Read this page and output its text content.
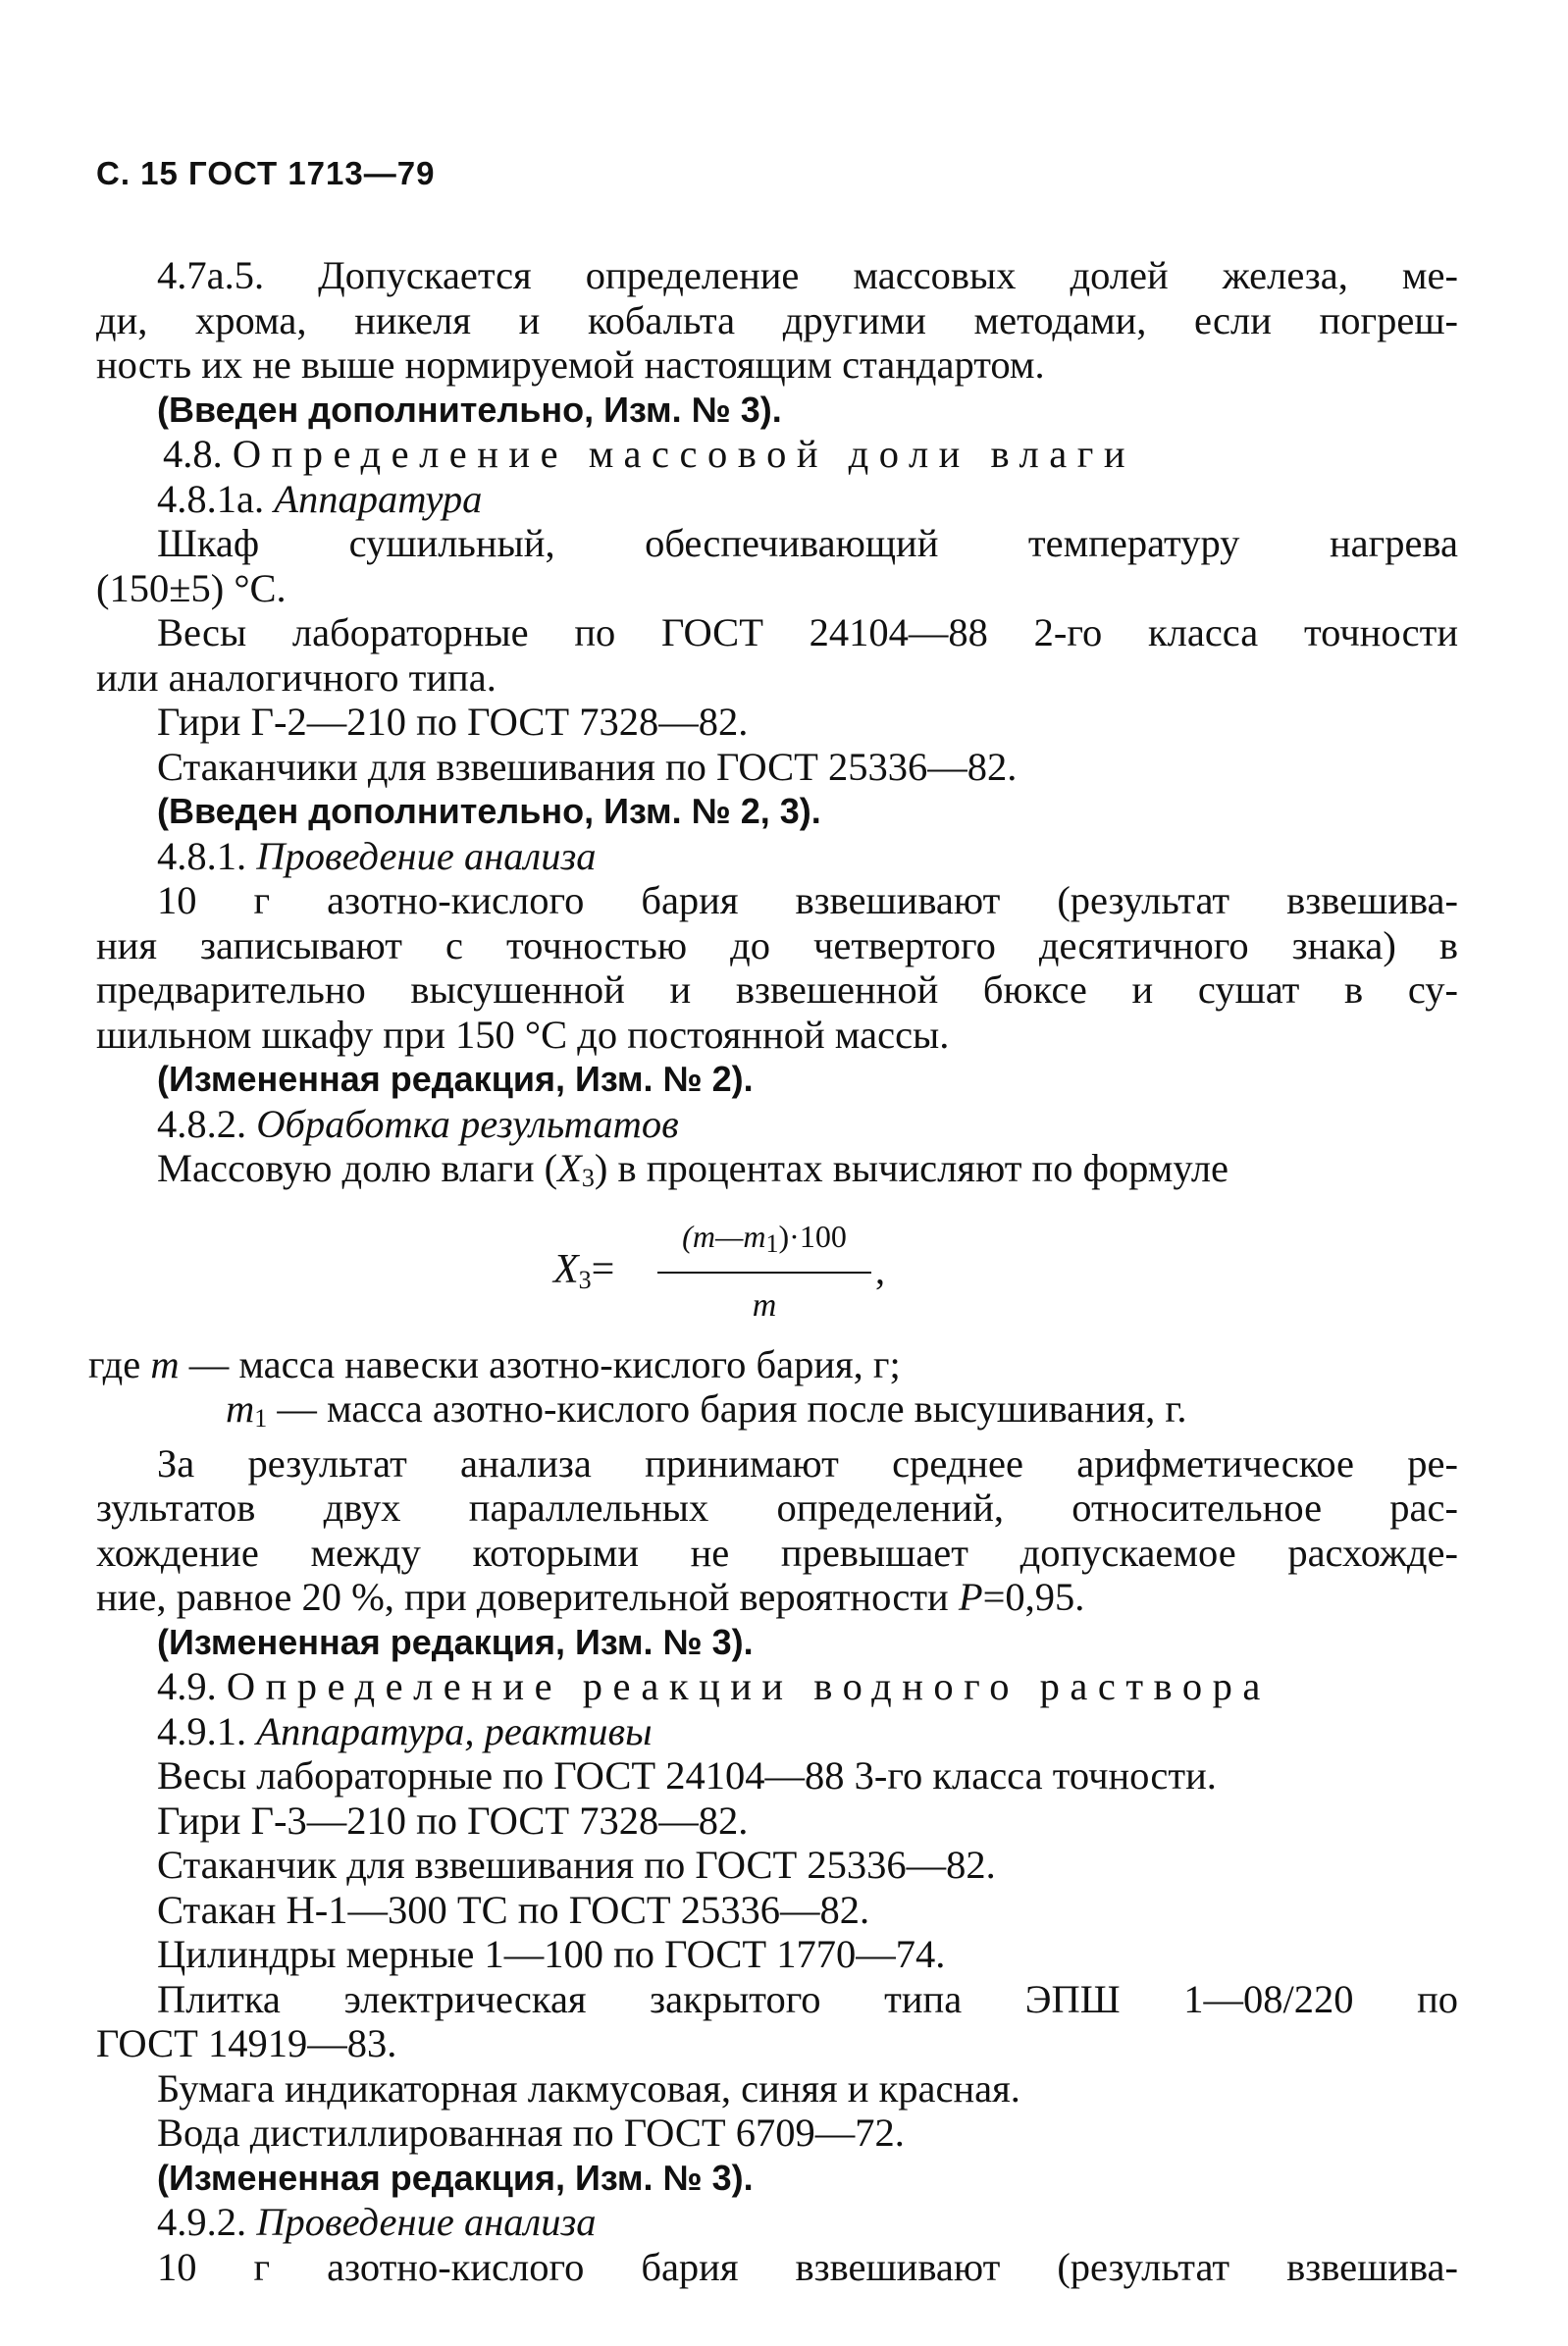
С. 15 ГОСТ 1713—79
4.7а.5. Допускается определение массовых долей железа, ме-
ди, хрома, никеля и кобальта другими методами, если погреш-
ность их не выше нормируемой настоящим стандартом.
(Введен дополнительно, Изм. № 3).
4.8. Определение массовой доли влаги
4.8.1а. Аппаратура
Шкаф сушильный, обеспечивающий температуру нагрева
(150±5) °С.
Весы лабораторные по ГОСТ 24104—88 2-го класса точности
или аналогичного типа.
Гири Г-2—210 по ГОСТ 7328—82.
Стаканчики для взвешивания по ГОСТ 25336—82.
(Введен дополнительно, Изм. № 2, 3).
4.8.1. Проведение анализа
10 г азотно-кислого бария взвешивают (результат взвешива-
ния записывают с точностью до четвертого десятичного знака) в
предварительно высушенной и взвешенной бюксе и сушат в су-
шильном шкафу при 150 °С до постоянной массы.
(Измененная редакция, Изм. № 2).
4.8.2. Обработка результатов
Массовую долю влаги $(X_3)$ в процентах вычисляют по формуле
$X_3=$
$(m—m_1)\cdot 100$
m
,
где m — масса навески азотно-кислого бария, г;
$m_1$ — масса азотно-кислого бария после высушивания, г.
За результат анализа принимают среднее арифметическое ре-
зультатов двух параллельных определений, относительное рас-
хождение между которыми не превышает допускаемое расхожде-
ние, равное 20 %, при доверительной вероятности P=0,95.
(Измененная редакция, Изм. № 3).
4.9. Определение реакции водного раствора
4.9.1. Аппаратура, реактивы
Весы лабораторные по ГОСТ 24104—88 3-го класса точности.
Гири Г-3—210 по ГОСТ 7328—82.
Стаканчик для взвешивания по ГОСТ 25336—82.
Стакан Н-1—300 ТС по ГОСТ 25336—82.
Цилиндры мерные 1—100 по ГОСТ 1770—74.
Плитка электрическая закрытого типа ЭПШ 1—08/220 по
ГОСТ 14919—83.
Бумага индикаторная лакмусовая, синяя и красная.
Вода дистиллированная по ГОСТ 6709—72.
(Измененная редакция, Изм. № 3).
4.9.2. Проведение анализа
10 г азотно-кислого бария взвешивают (результат взвешива-
